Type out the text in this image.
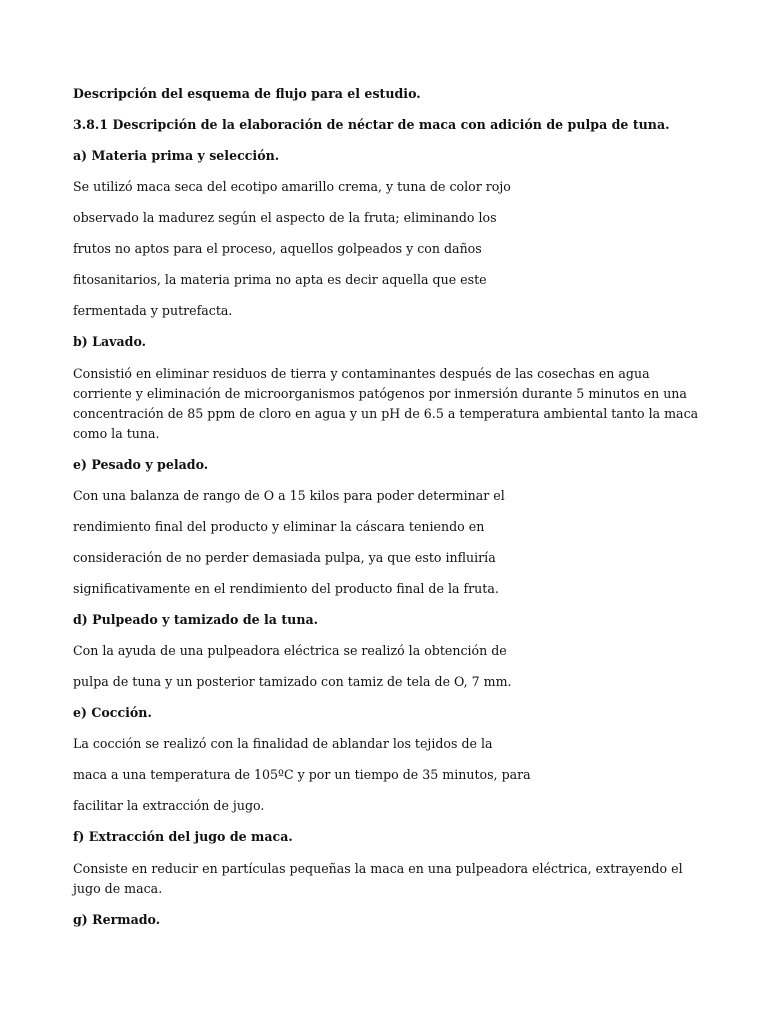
Descripción del esquema de flujo para el estudio.
3.8.1 Descripción de la elaboración de néctar de maca con adición de pulpa de tuna.
a) Materia prima y selección.
Se utilizó maca seca del ecotipo amarillo crema, y tuna de color rojo
observado la madurez según el aspecto de la fruta; eliminando los
frutos no aptos para el proceso, aquellos golpeados y con daños
fitosanitarios, la materia prima no apta es decir aquella que este
fermentada y putrefacta.
b) Lavado.
Consistió en eliminar residuos de tierra y contaminantes después de las cosechas en agua corriente y eliminación de microorganismos patógenos por inmersión durante 5 minutos en una concentración de 85 ppm de cloro en agua y un pH de 6.5 a temperatura ambiental tanto la maca como la tuna.
e) Pesado y pelado.
Con una balanza de rango de O a 15 kilos para poder determinar el
rendimiento final del producto y eliminar la cáscara teniendo en
consideración de no perder demasiada pulpa, ya que esto influiría
significativamente en el rendimiento del producto final de la fruta.
d) Pulpeado y tamizado de la tuna.
Con la ayuda de una pulpeadora eléctrica se realizó la obtención de
pulpa de tuna y un posterior tamizado con tamiz de tela de O, 7 mm.
e) Cocción.
La cocción se realizó con la finalidad de ablandar los tejidos de la
maca a una temperatura de 105ºC y por un tiempo de 35 minutos, para
facilitar la extracción de jugo.
f) Extracción del jugo de maca.
Consiste en reducir en partículas pequeñas la maca en una pulpeadora eléctrica, extrayendo el jugo de maca.
g) Rermado.
